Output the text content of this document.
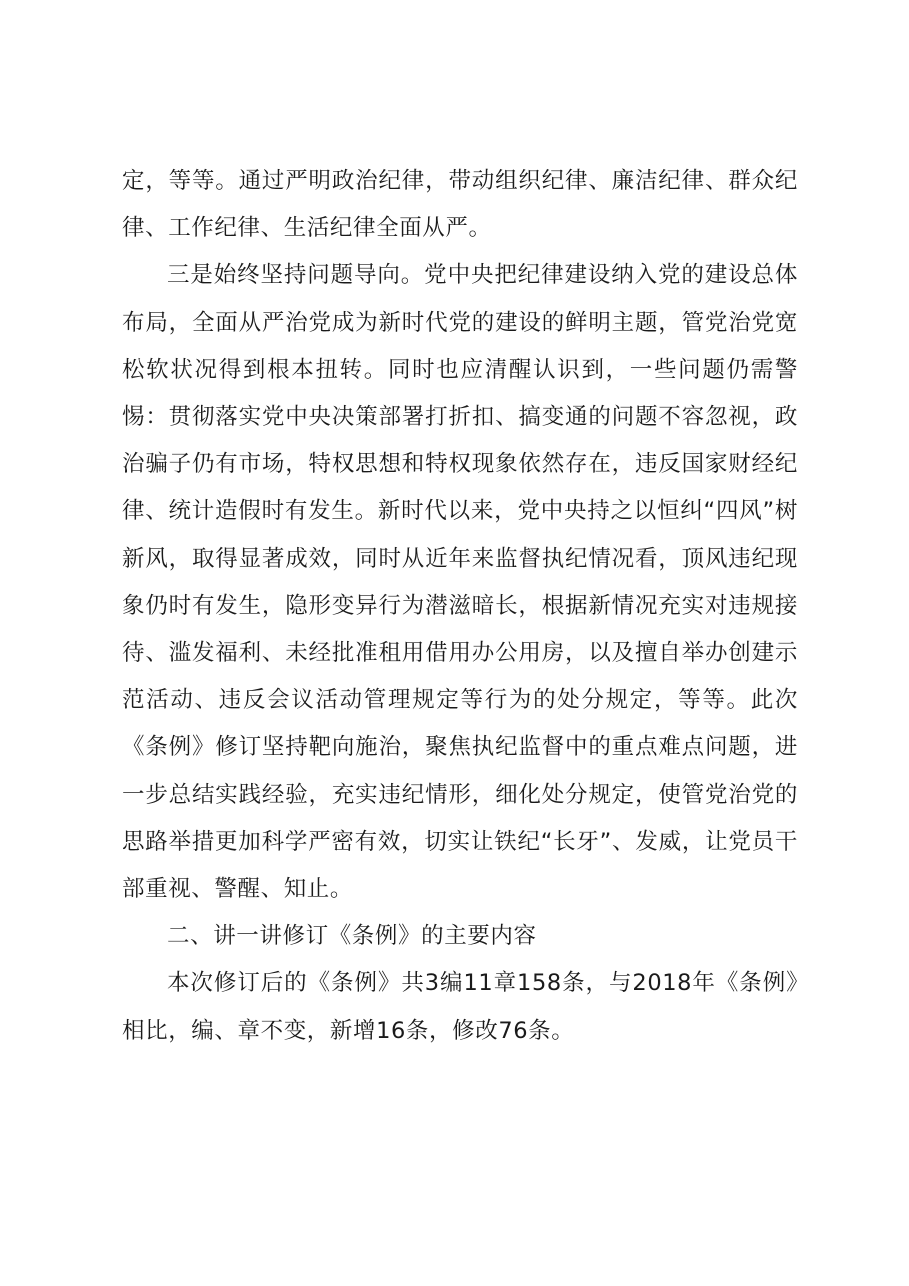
定，等等。通过严明政治纪律，带动组织纪律、廉洁纪律、群众纪律、工作纪律、生活纪律全面从严。

三是始终坚持问题导向。党中央把纪律建设纳入党的建设总体布局，全面从严治党成为新时代党的建设的鲜明主题，管党治党宽松软状况得到根本扭转。同时也应清醒认识到，一些问题仍需警惕：贯彻落实党中央决策部署打折扣、搞变通的问题不容忽视，政治骗子仍有市场，特权思想和特权现象依然存在，违反国家财经纪律、统计造假时有发生。新时代以来，党中央持之以恒纠“四风”树新风，取得显著成效，同时从近年来监督执纪情况看，顶风违纪现象仍时有发生，隐形变异行为潜滋暗长，根据新情况充实对违规接待、滥发福利、未经批准租用借用办公用房，以及擅自举办创建示范活动、违反会议活动管理规定等行为的处分规定，等等。此次《条例》修订坚持靶向施治，聚焦执纪监督中的重点难点问题，进一步总结实践经验，充实违纪情形，细化处分规定，使管党治党的思路举措更加科学严密有效，切实让铁纪“长牙”、发威，让党员干部重视、警醒、知止。

二、讲一讲修订《条例》的主要内容

本次修订后的《条例》共3编11章158条，与2018年《条例》相比，编、章不变，新增16条，修改76条。
